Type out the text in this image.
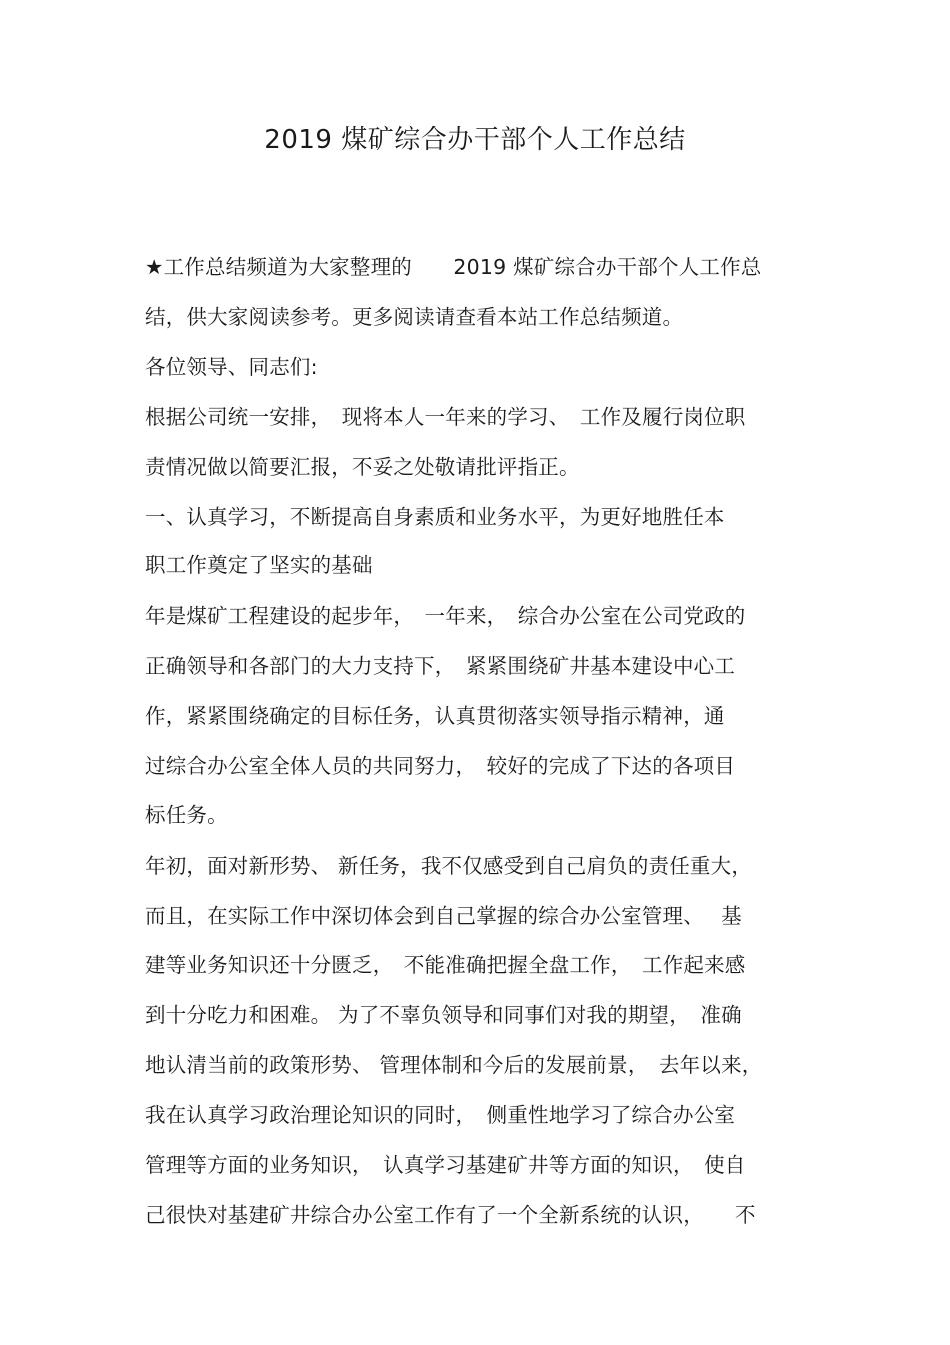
2019 煤矿综合办干部个人工作总结
★工作总结频道为大家整理的　　2019 煤矿综合办干部个人工作总
结，供大家阅读参考。更多阅读请查看本站工作总结频道。
各位领导、同志们:
根据公司统一安排，　现将本人一年来的学习、　工作及履行岗位职
责情况做以简要汇报，不妥之处敬请批评指正。
一、认真学习，不断提高自身素质和业务水平，为更好地胜任本
职工作奠定了坚实的基础
年是煤矿工程建设的起步年，　一年来，　综合办公室在公司党政的
正确领导和各部门的大力支持下，　紧紧围绕矿井基本建设中心工
作，紧紧围绕确定的目标任务，认真贯彻落实领导指示精神，通
过综合办公室全体人员的共同努力，　较好的完成了下达的各项目
标任务。
年初，面对新形势、 新任务，我不仅感受到自己肩负的责任重大，
而且，在实际工作中深切体会到自己掌握的综合办公室管理、　 基
建等业务知识还十分匮乏，　不能准确把握全盘工作，　工作起来感
到十分吃力和困难。 为了不辜负领导和同事们对我的期望，　准确
地认清当前的政策形势、 管理体制和今后的发展前景，　去年以来，
我在认真学习政治理论知识的同时，　侧重性地学习了综合办公室
管理等方面的业务知识，　认真学习基建矿井等方面的知识，　使自
己很快对基建矿井综合办公室工作有了一个全新系统的认识，　　不
